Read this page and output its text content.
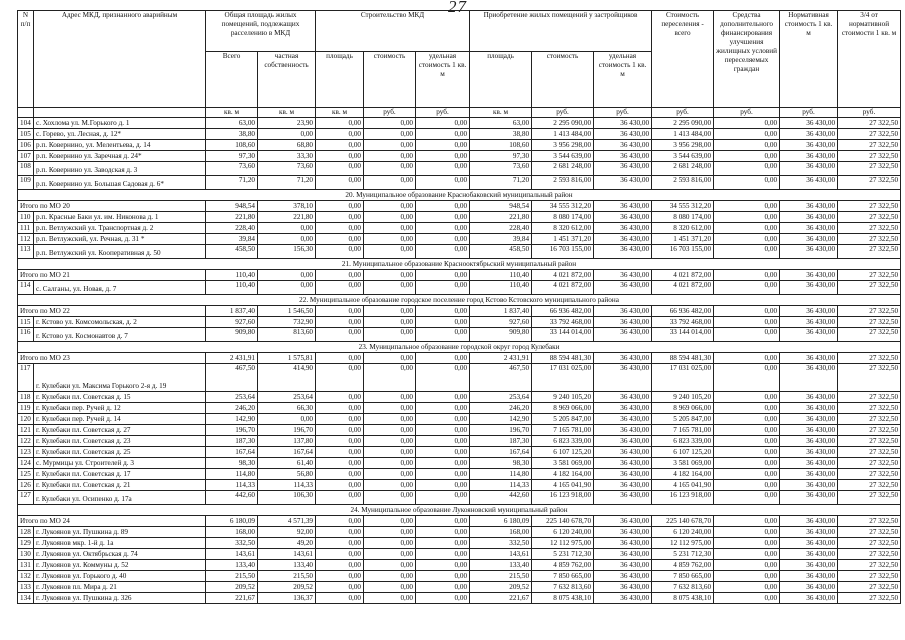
27
N п/п	Адрес МКД, признанного аварийным	Общая площадь жилых помещений, подлежащих расселению в МКД		Строительство МКД			Приобретение жилых помещений у застройщиков			Стоимость переселения - всего	Средства дополнительного финансирования улучшения жилищных условий переселяемых граждан	Нормативная стоимость 1 кв. м	3/4 от нормативной стоимости 1 кв. м
		Всего	частная собственность	площадь	стоимость	удельная стоимость 1 кв. м	площадь	стоимость	удельная стоимость 1 кв. м				
		кв. м	кв. м	кв. м	руб.	руб.	кв. м	руб.	руб.	руб.	руб.	руб.	руб.
104	с. Хохлома ул. М.Горького д. 1	63,00	23,90	0,00	0,00	0,00	63,00	2 295 090,00	36 430,00	2 295 090,00	0,00	36 430,00	27 322,50
105	с. Горево, ул. Лесная, д. 12*	38,80	0,00	0,00	0,00	0,00	38,80	1 413 484,00	36 430,00	1 413 484,00	0,00	36 430,00	27 322,50
106	р.п. Ковернино, ул. Мелентьева, д. 14	108,60	68,80	0,00	0,00	0,00	108,60	3 956 298,00	36 430,00	3 956 298,00	0,00	36 430,00	27 322,50
107	р.п. Ковернино ул. Заречная д. 24*	97,30	33,30	0,00	0,00	0,00	97,30	3 544 639,00	36 430,00	3 544 639,00	0,00	36 430,00	27 322,50
108	р.п. Ковернино ул. Заводская д. 3	73,60	73,60	0,00	0,00	0,00	73,60	2 681 248,00	36 430,00	2 681 248,00	0,00	36 430,00	27 322,50
109	р.п. Ковернино ул. Большая Садовая д. 6*	71,20	71,20	0,00	0,00	0,00	71,20	2 593 816,00	36 430,00	2 593 816,00	0,00	36 430,00	27 322,50
20. Муниципальное образование Краснобаковский муниципальный район													
Итого по МО 20		948,54	378,10	0,00	0,00	0,00	948,54	34 555 312,20	36 430,00	34 555 312,20	0,00	36 430,00	27 322,50
110	р.п. Красные Баки ул. им. Никонова д. 1	221,80	221,80	0,00	0,00	0,00	221,80	8 080 174,00	36 430,00	8 080 174,00	0,00	36 430,00	27 322,50
111	р.п. Ветлужский ул. Транспортная д. 2	228,40	0,00	0,00	0,00	0,00	228,40	8 320 612,00	36 430,00	8 320 612,00	0,00	36 430,00	27 322,50
112	р.п. Ветлужский, ул. Речная, д. 31 *	39,84	0,00	0,00	0,00	0,00	39,84	1 451 371,20	36 430,00	1 451 371,20	0,00	36 430,00	27 322,50
113	р.п. Ветлужский ул. Кооперативная д. 50	458,50	156,30	0,00	0,00	0,00	458,50	16 703 155,00	36 430,00	16 703 155,00	0,00	36 430,00	27 322,50
21. Муниципальное образование Краснооктябрьский муниципальный район													
Итого по МО 21		110,40	0,00	0,00	0,00	0,00	110,40	4 021 872,00	36 430,00	4 021 872,00	0,00	36 430,00	27 322,50
114	с. Салганы, ул. Новая, д. 7	110,40	0,00	0,00	0,00	0,00	110,40	4 021 872,00	36 430,00	4 021 872,00	0,00	36 430,00	27 322,50
22. Муниципальное образование городское поселение город Кстово Кстовского муниципального района													
Итого по МО 22		1 837,40	1 546,50	0,00	0,00	0,00	1 837,40	66 936 482,00	36 430,00	66 936 482,00	0,00	36 430,00	27 322,50
115	г. Кстово ул. Комсомольская, д. 2	927,60	732,90	0,00	0,00	0,00	927,60	33 792 468,00	36 430,00	33 792 468,00	0,00	36 430,00	27 322,50
116	г. Кстово ул. Космонавтов д. 7	909,80	813,60	0,00	0,00	0,00	909,80	33 144 014,00	36 430,00	33 144 014,00	0,00	36 430,00	27 322,50
23. Муниципальное образование городской округ город Кулебаки													
Итого по МО 23		2 431,91	1 575,81	0,00	0,00	0,00	2 431,91	88 594 481,30	36 430,00	88 594 481,30	0,00	36 430,00	27 322,50
117	г. Кулебаки ул. Максима Горького 2-я д. 19	467,50	414,90	0,00	0,00	0,00	467,50	17 031 025,00	36 430,00	17 031 025,00	0,00	36 430,00	27 322,50
118	г. Кулебаки пл. Советская д. 15	253,64	253,64	0,00	0,00	0,00	253,64	9 240 105,20	36 430,00	9 240 105,20	0,00	36 430,00	27 322,50
119	г. Кулебаки пер. Ручей д. 12	246,20	66,30	0,00	0,00	0,00	246,20	8 969 066,00	36 430,00	8 969 066,00	0,00	36 430,00	27 322,50
120	г. Кулебаки пер. Ручей д. 14	142,90	0,00	0,00	0,00	0,00	142,90	5 205 847,00	36 430,00	5 205 847,00	0,00	36 430,00	27 322,50
121	г. Кулебаки пл. Советская д. 27	196,70	196,70	0,00	0,00	0,00	196,70	7 165 781,00	36 430,00	7 165 781,00	0,00	36 430,00	27 322,50
122	г. Кулебаки пл. Советская д. 23	187,30	137,80	0,00	0,00	0,00	187,30	6 823 339,00	36 430,00	6 823 339,00	0,00	36 430,00	27 322,50
123	г. Кулебаки пл. Советская д. 25	167,64	167,64	0,00	0,00	0,00	167,64	6 107 125,20	36 430,00	6 107 125,20	0,00	36 430,00	27 322,50
124	с. Мурмицы ул. Строителей д. 3	98,30	61,40	0,00	0,00	0,00	98,30	3 581 069,00	36 430,00	3 581 069,00	0,00	36 430,00	27 322,50
125	г. Кулебаки пл. Советская д. 17	114,80	56,80	0,00	0,00	0,00	114,80	4 182 164,00	36 430,00	4 182 164,00	0,00	36 430,00	27 322,50
126	г. Кулебаки пл. Советская д. 21	114,33	114,33	0,00	0,00	0,00	114,33	4 165 041,90	36 430,00	4 165 041,90	0,00	36 430,00	27 322,50
127	г. Кулебаки ул. Осипенко д. 17а	442,60	106,30	0,00	0,00	0,00	442,60	16 123 918,00	36 430,00	16 123 918,00	0,00	36 430,00	27 322,50
24. Муниципальное образование Лукояновский муниципальный район													
Итого по МО 24		6 180,09	4 571,39	0,00	0,00	0,00	6 180,09	225 140 678,70	36 430,00	225 140 678,70	0,00	36 430,00	27 322,50
128	г. Лукоянов ул. Пушкина д. 89	168,00	92,00	0,00	0,00	0,00	168,00	6 120 240,00	36 430,00	6 120 240,00	0,00	36 430,00	27 322,50
129	г. Лукоянов мкр. 1-й д. 1а	332,50	49,20	0,00	0,00	0,00	332,50	12 112 975,00	36 430,00	12 112 975,00	0,00	36 430,00	27 322,50
130	г. Лукоянов ул. Октябрьская д. 74	143,61	143,61	0,00	0,00	0,00	143,61	5 231 712,30	36 430,00	5 231 712,30	0,00	36 430,00	27 322,50
131	г. Лукоянов ул. Коммуны д. 52	133,40	133,40	0,00	0,00	0,00	133,40	4 859 762,00	36 430,00	4 859 762,00	0,00	36 430,00	27 322,50
132	г. Лукоянов ул. Горького д. 40	215,50	215,50	0,00	0,00	0,00	215,50	7 850 665,00	36 430,00	7 850 665,00	0,00	36 430,00	27 322,50
133	г. Лукоянов пл. Мира д. 21	209,52	209,52	0,00	0,00	0,00	209,52	7 632 813,60	36 430,00	7 632 813,60	0,00	36 430,00	27 322,50
134	г. Лукоянов ул. Пушкина д. 326	221,67	136,37	0,00	0,00	0,00	221,67	8 075 438,10	36 430,00	8 075 438,10	0,00	36 430,00	27 322,50
